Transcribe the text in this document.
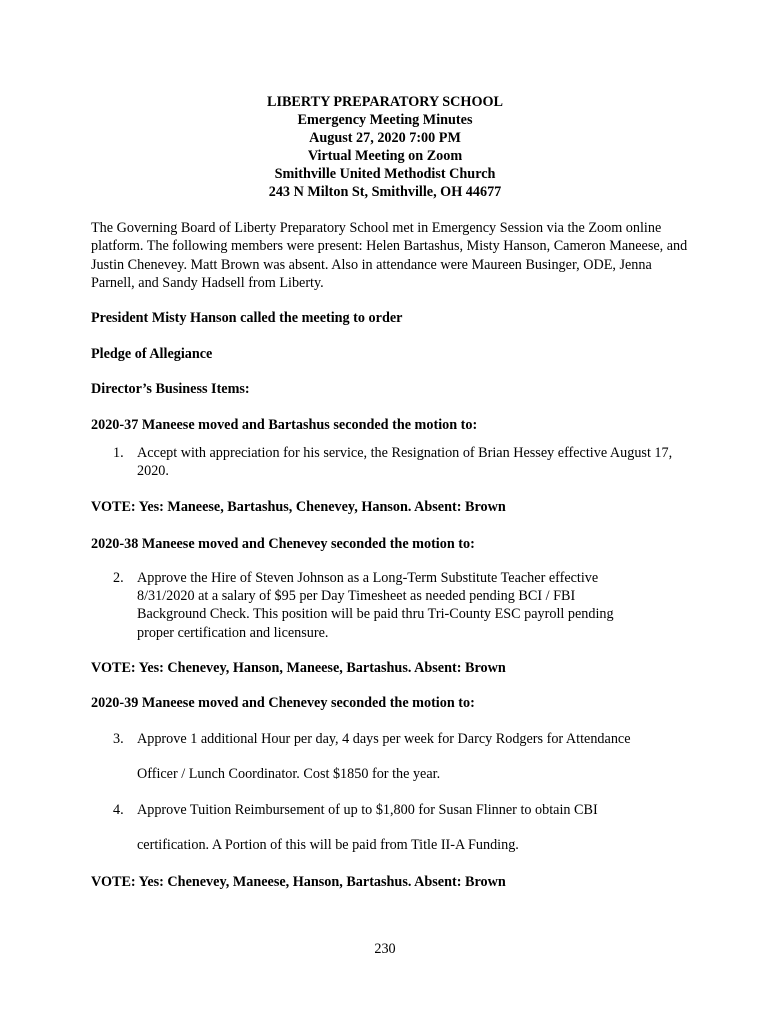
LIBERTY PREPARATORY SCHOOL
Emergency Meeting Minutes
August 27, 2020 7:00 PM
Virtual Meeting on Zoom
Smithville United Methodist Church
243 N Milton St, Smithville, OH 44677
The Governing Board of Liberty Preparatory School met in Emergency Session via the Zoom online platform. The following members were present: Helen Bartashus, Misty Hanson, Cameron Maneese, and Justin Chenevey. Matt Brown was absent. Also in attendance were Maureen Businger, ODE, Jenna Parnell, and Sandy Hadsell from Liberty.
President Misty Hanson called the meeting to order
Pledge of Allegiance
Director’s Business Items:
2020-37 Maneese moved and Bartashus seconded the motion to:
1. Accept with appreciation for his service, the Resignation of Brian Hessey effective August 17, 2020.
VOTE: Yes: Maneese, Bartashus, Chenevey, Hanson. Absent: Brown
2020-38 Maneese moved and Chenevey seconded the motion to:
2. Approve the Hire of Steven Johnson as a Long-Term Substitute Teacher effective 8/31/2020 at a salary of $95 per Day Timesheet as needed pending BCI / FBI Background Check. This position will be paid thru Tri-County ESC payroll pending proper certification and licensure.
VOTE: Yes: Chenevey, Hanson, Maneese, Bartashus. Absent: Brown
2020-39 Maneese moved and Chenevey seconded the motion to:
3. Approve 1 additional Hour per day, 4 days per week for Darcy Rodgers for Attendance
Officer / Lunch Coordinator. Cost $1850 for the year.
4. Approve Tuition Reimbursement of up to $1,800 for Susan Flinner to obtain CBI
certification. A Portion of this will be paid from Title II-A Funding.
VOTE: Yes: Chenevey, Maneese, Hanson, Bartashus. Absent: Brown
230
